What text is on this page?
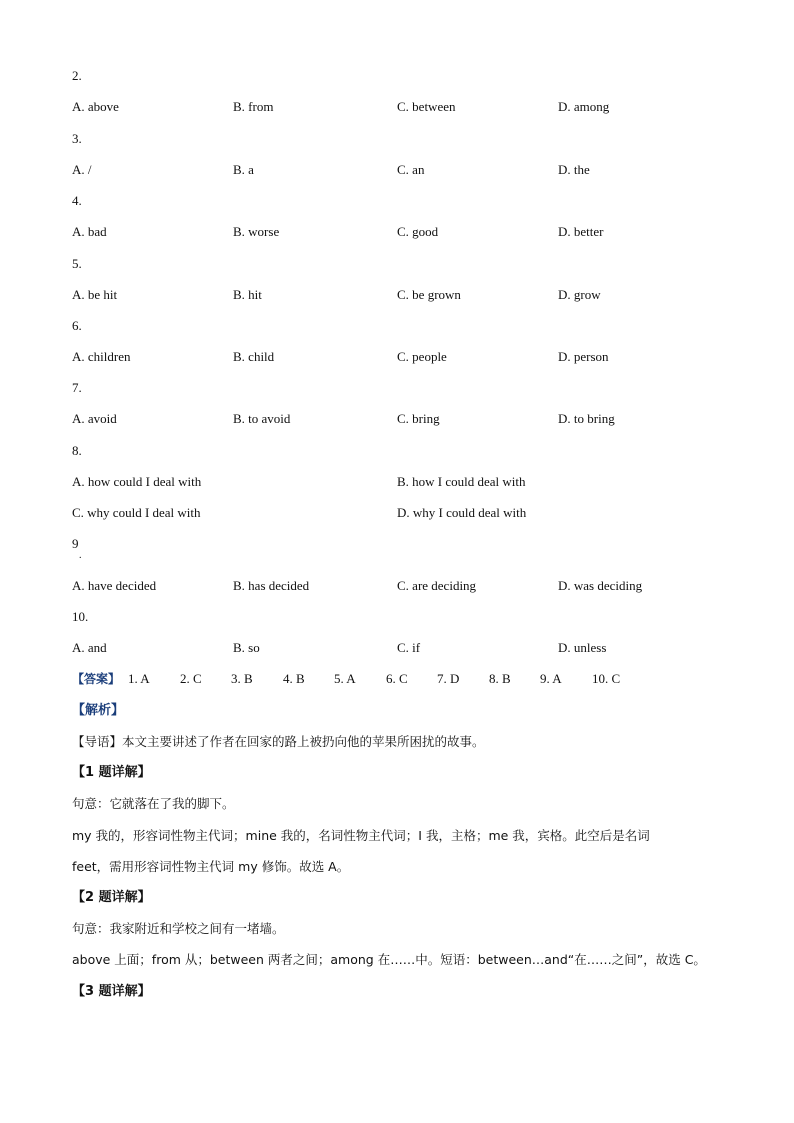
2.
A. above	B. from	C. between	D. among
3.
A. /	B. a	C. an	D. the
4.
A. bad	B. worse	C. good	D. better
5.
A. be hit	B. hit	C. be grown	D. grow
6.
A. children	B. child	C. people	D. person
7.
A. avoid	B. to avoid	C. bring	D. to bring
8.
A. how could I deal with	B. how I could deal with
C. why could I deal with	D. why I could deal with
9
.
A. have decided	B. has decided	C. are deciding	D. was deciding
10.
A. and	B. so	C. if	D. unless
【答案】 1. A 2. C 3. B 4. B 5. A 6. C 7. D 8. B 9. A 10. C
【解析】
【导语】本文主要讲述了作者在回家的路上被扔向他的苹果所困扰的故事。
【1 题详解】
句意：它就落在了我的脚下。
my 我的，形容词性物主代词；mine 我的，名词性物主代词；I 我，主格；me 我，宾格。此空后是名词
feet，需用形容词性物主代词 my 修饰。故选 A。
【2 题详解】
句意：我家附近和学校之间有一堵墙。
above 上面；from 从；between 两者之间；among 在……中。短语：between…and“在……之间”，故选 C。
【3 题详解】
